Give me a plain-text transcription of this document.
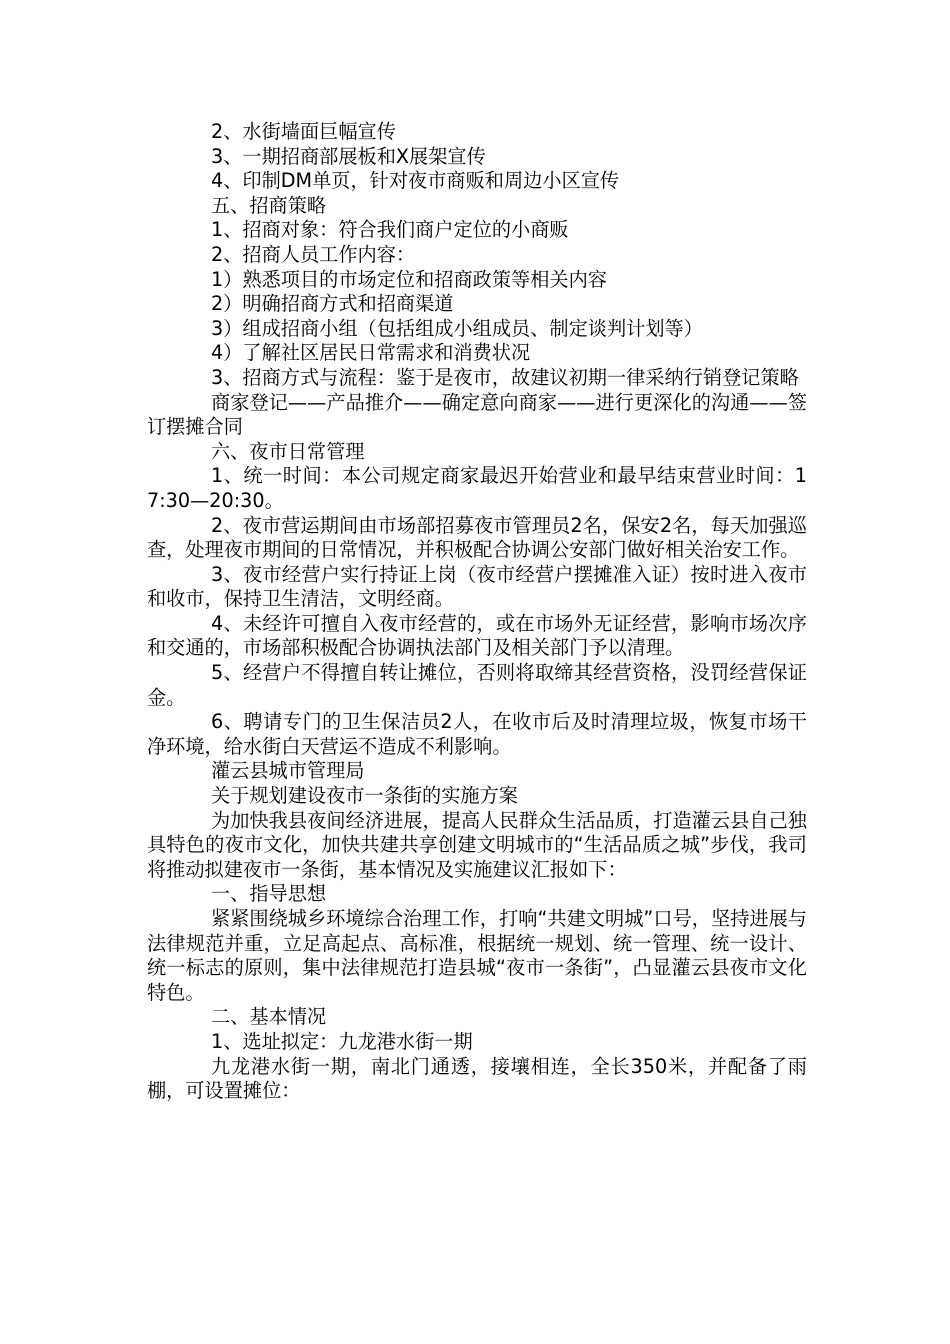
2、水街墙面巨幅宣传

3、一期招商部展板和X展架宣传

4、印制DM单页，针对夜市商贩和周边小区宣传

五、招商策略

1、招商对象：符合我们商户定位的小商贩

2、招商人员工作内容：

1）熟悉项目的市场定位和招商政策等相关内容

2）明确招商方式和招商渠道

3）组成招商小组（包括组成小组成员、制定谈判计划等）

4）了解社区居民日常需求和消费状况

3、招商方式与流程：鉴于是夜市，故建议初期一律采纳行销登记策略

商家登记——产品推介——确定意向商家——进行更深化的沟通——签订摆摊合同

六、夜市日常管理

1、统一时间：本公司规定商家最迟开始营业和最早结束营业时间：17:30—20:30。

2、夜市营运期间由市场部招募夜市管理员2名，保安2名，每天加强巡查，处理夜市期间的日常情况，并积极配合协调公安部门做好相关治安工作。

3、夜市经营户实行持证上岗（夜市经营户摆摊准入证）按时进入夜市和收市，保持卫生清洁，文明经商。

4、未经许可擅自入夜市经营的，或在市场外无证经营，影响市场次序和交通的，市场部积极配合协调执法部门及相关部门予以清理。

5、经营户不得擅自转让摊位，否则将取缔其经营资格，没罚经营保证金。

6、聘请专门的卫生保洁员2人，在收市后及时清理垃圾，恢复市场干净环境，给水街白天营运不造成不利影响。

灌云县城市管理局

关于规划建设夜市一条街的实施方案

为加快我县夜间经济进展，提高人民群众生活品质，打造灌云县自己独具特色的夜市文化，加快共建共享创建文明城市的“生活品质之城”步伐，我司将推动拟建夜市一条街，基本情况及实施建议汇报如下：

一、指导思想

紧紧围绕城乡环境综合治理工作，打响“共建文明城”口号，坚持进展与法律规范并重，立足高起点、高标准，根据统一规划、统一管理、统一设计、统一标志的原则，集中法律规范打造县城“夜市一条街”，凸显灌云县夜市文化特色。

二、基本情况

1、选址拟定：九龙港水街一期

九龙港水街一期，南北门通透，接壤相连，全长350米，并配备了雨棚，可设置摊位：
